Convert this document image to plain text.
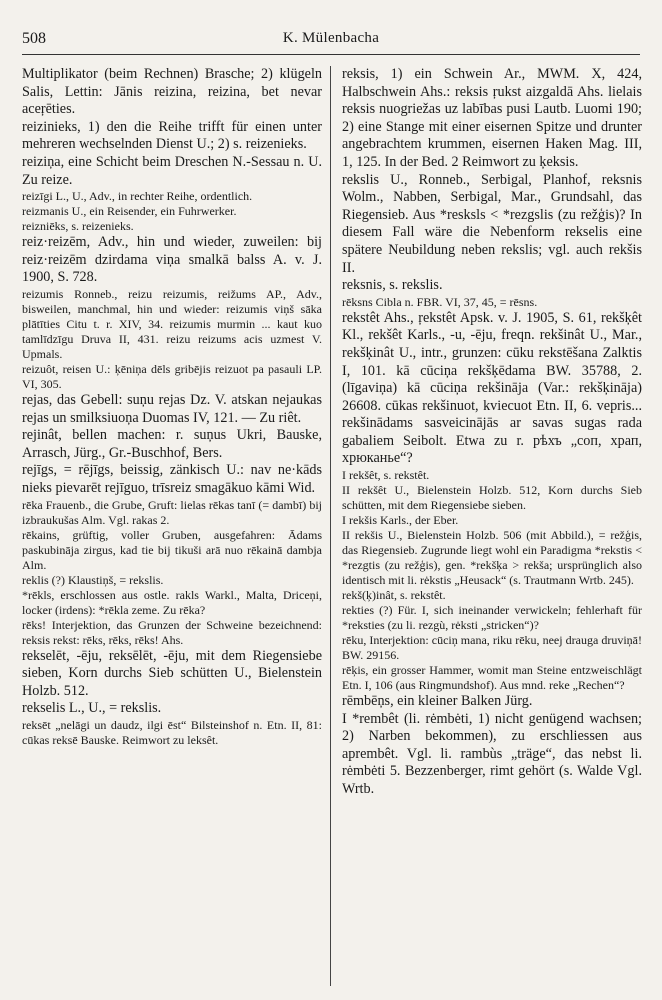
508	K. Mülenbacha

Multiplikator (beim Rechnen) Brasche; 2) klügeln Salis, Lettin: Jānis reizina, reizina, bet nevar aceŗēties.

reizinieks, 1) den die Reihe trifft für einen unter mehreren wechselnden Dienst U.; 2) s. reizenieks.

reiziņa, eine Schicht beim Dreschen N.-Sessau n. U. Zu reize.

reizīgi L., U., Adv., in rechter Reihe, ordentlich.

reizmanis U., ein Reisender, ein Fuhrwerker.

reizniēks, s. reizenieks.

reiz·reizēm, Adv., hin und wieder, zuweilen: bij reiz·reizēm dzirdama viņa smalkā balss A. v. J. 1900, S. 728.

reizumis Ronneb., reizu reizumis, reižums AP., Adv., bisweilen, manchmal, hin und wieder: reizumis viņš sāka plātīties Citu t. r. XIV, 34. reizumis murmin ... kaut kuo tamlīdzīgu Druva II, 431. reizu reizums acis uzmest V. Upmals.

reizuôt, reisen U.: ķēniņa dēls gribējis reizuot pa pasauli LP. VI, 305.

rejas, das Gebell: suņu rejas Dz. V. atskan nejaukas rejas un smilksiuoņa Duomas IV, 121. — Zu riêt.

rejinât, bellen machen: r. suņus Ukri, Bauske, Arrasch, Jürg., Gr.-Buschhof, Bers.

rejīgs, = rējīgs, beissig, zänkisch U.: nav ne·kāds nieks pievarēt rejīguo, trīsreiz smagākuo kāmi Wid.

rēka Frauenb., die Grube, Gruft: lielas rēkas tanī (= dambī) bij izbraukušas Alm. Vgl. rakas 2.

rēkains, grüftig, voller Gruben, ausgefahren: Ādams paskubināja zirgus, kad tie bij tikuši arā nuo rēkainā dambja Alm.

reklis (?) Klaustiņš, = rekslis.

*rēkls, erschlossen aus ostle. rakls Warkl., Malta, Driceņi, locker (irdens): *rēkla zeme. Zu rēka?

rēks! Interjektion, das Grunzen der Schweine bezeichnend: reksis rekst: rēks, rēks, rēks! Ahs.

rekselēt, -ēju, reksēlēt, -ēju, mit dem Riegensiebe sieben, Korn durchs Sieb schütten U., Bielenstein Holzb. 512.

rekselis L., U., = rekslis.

reksēt „nelāgi un daudz, ilgi ēst“ Bilsteinshof n. Etn. II, 81: cūkas reksē Bauske. Reimwort zu leksêt.

reksis, 1) ein Schwein Ar., MWM. X, 424, Halbschwein Ahs.: reksis ŗukst aizgaldā Ahs. lielais reksis nuogriežas uz labības pusi Lautb. Luomi 190; 2) eine Stange mit einer eisernen Spitze und drunter angebrachtem krummen, eisernen Haken Mag. III, 1, 125. In der Bed. 2 Reimwort zu ķeksis.

rekslis U., Ronneb., Serbigal, Planhof, reksnis Wolm., Nabben, Serbigal, Mar., Grundsahl, das Riegensieb. Aus *resksls < *rezgslis (zu režģis)? In diesem Fall wäre die Nebenform rekselis eine spätere Neubildung neben rekslis; vgl. auch rekšis II.

reksnis, s. rekslis.

rēksns Cibla n. FBR. VI, 37, 45, = rēsns.

rekstêt Ahs., ŗekstêt Apsk. v. J. 1905, S. 61, rekšķêt Kl., rekšêt Karls., -u, -ēju, freqn. rekšinât U., Mar., rekšķinât U., intr., grunzen: cūku rekstēšana Zalktis I, 101. kā cūciņa rekšķēdama BW. 35788, 2. (līgaviņa) kā cūciņa rekšināja (Var.: rekšķināja) 26608. cūkas rekšinuot, kviecuot Etn. II, 6. vepris... rekšinādams sasveicinājās ar savas sugas rada gabaliem Seibolt. Etwa zu r. рѣхъ „соп, храп, хрюканье“?

I rekšêt, s. rekstêt.

II rekšêt U., Bielenstein Holzb. 512, Korn durchs Sieb schütten, mit dem Riegensiebe sieben.

I rekšis Karls., der Eber.

II rekšis U., Bielenstein Holzb. 506 (mit Abbild.), = režģis, das Riegensieb. Zugrunde liegt wohl ein Paradigma *rekstis < *rezgtis (zu režģis), gen. *rekšķa > rekša; ursprünglich also identisch mit li. rėkstis „Heusack“ (s. Trautmann Wrtb. 245).

rekš(ķ)inât, s. rekstêt.

rekties (?) Für. I, sich ineinander verwickeln; fehlerhaft für *reksties (zu li. rezgù, rėksti „stricken“)?

rēku, Interjektion: cūciņ mana, riku rēku, neej drauga druviņā! BW. 29156.

rēķis, ein grosser Hammer, womit man Steine entzweischlägt Etn. I, 106 (aus Ringmundshof). Aus mnd. reke „Rechen“?

rēmbēņs, ein kleiner Balken Jürg.

I *rembêt (li. rėmbėti, 1) nicht genügend wachsen; 2) Narben bekommen), zu erschliessen aus aprembêt. Vgl. li. rambùs „träge“, das nebst li. rėmbėti 5. Bezzenberger, rimt gehört (s. Walde Vgl. Wrtb.
